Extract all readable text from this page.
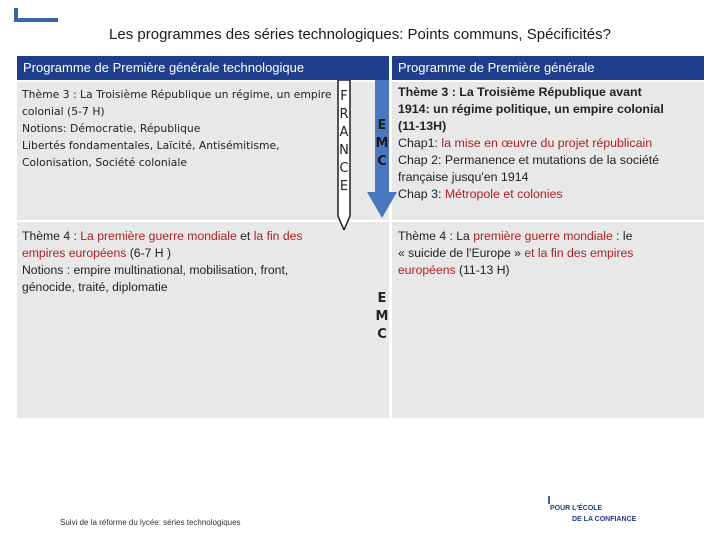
Les programmes des séries technologiques: Points communs, Spécificités?
Programme de Première générale technologique	Programme de Première générale
Thème 3 : La Troisième République un régime, un empire
colonial (5-7 H)
Notions: Démocratie, République
Libertés fondamentales, Laïcité, Antisémitisme,
Colonisation, Société coloniale
Thème 3 : La Troisième République avant
1914: un régime politique, un empire colonial
(11-13H)
Chap1: la mise en œuvre du projet républicain
Chap 2: Permanence et mutations de la société
française jusqu'en 1914
Chap 3: Métropole et colonies
F
R
A
N
C
E
E
M
C
Thème 4 : La première guerre mondiale et la fin des
empires européens (6-7 H )
Notions : empire multinational, mobilisation, front,
génocide, traité, diplomatie
Thème 4 : La première guerre mondiale : le
« suicide de l'Europe » et la fin des empires
européens (11-13 H)
E
M
C
Suivi de la réforme du lycée: séries technologiques
POUR L'ÉCOLE
DE LA CONFIANCE
